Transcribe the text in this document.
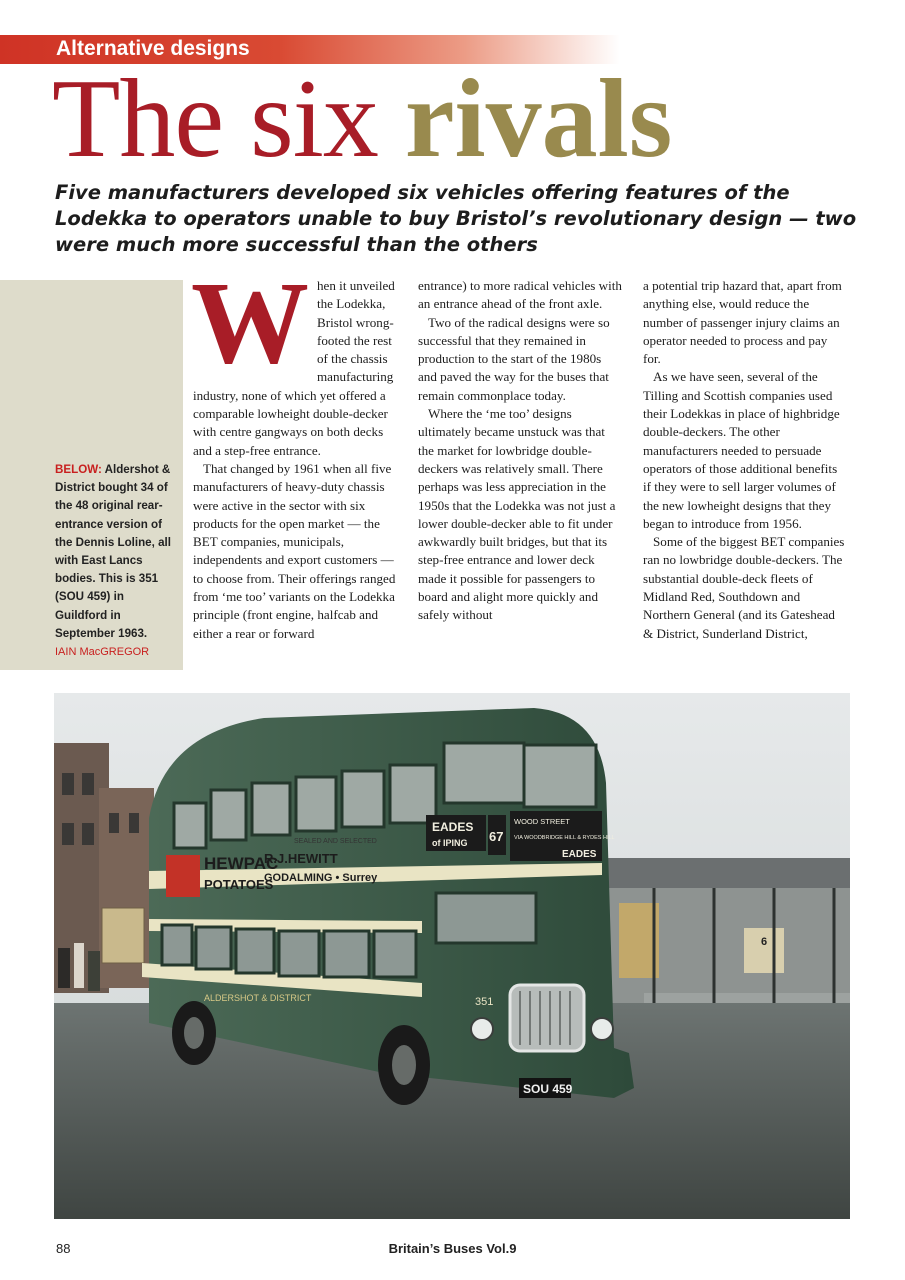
Alternative designs
The six rivals

Five manufacturers developed six vehicles offering features of the Lodekka to operators unable to buy Bristol’s revolutionary design — two were much more successful than the others

BELOW: Aldershot & District bought 34 of the 48 original rear-entrance version of the Dennis Loline, all with East Lancs bodies. This is 351 (SOU 459) in Guildford in September 1963.
IAIN MacGREGOR

When it unveiled the Lodekka, Bristol wrong-footed the rest of the chassis manufacturing industry, none of which yet offered a comparable lowheight double-decker with centre gangways on both decks and a step-free entrance.

That changed by 1961 when all five manufacturers of heavy-duty chassis were active in the sector with six products for the open market — the BET companies, municipals, independents and export customers — to choose from. Their offerings ranged from ‘me too’ variants on the Lodekka principle (front engine, halfcab and either a rear or forward

entrance) to more radical vehicles with an entrance ahead of the front axle.

Two of the radical designs were so successful that they remained in production to the start of the 1980s and paved the way for the buses that remain commonplace today.

Where the ‘me too’ designs ultimately became unstuck was that the market for lowbridge double-deckers was relatively small. There perhaps was less appreciation in the 1950s that the Lodekka was not just a lower double-decker able to fit under awkwardly built bridges, but that its step-free entrance and lower deck made it possible for passengers to board and alight more quickly and safely without

a potential trip hazard that, apart from anything else, would reduce the number of passenger injury claims an operator needed to process and pay for.

As we have seen, several of the Tilling and Scottish companies used their Lodekkas in place of highbridge double-deckers. The other manufacturers needed to persuade operators of those additional benefits if they were to sell larger volumes of the new lowheight designs that they began to introduce from 1956.

Some of the biggest BET companies ran no lowbridge double-deckers. The substantial double-deck fleets of Midland Red, Southdown and Northern General (and its Gateshead & District, Sunderland District,

6
HEWPAC
POTATOES
SEALED AND SELECTED
R.J.HEWITT
GODALMING • Surrey
EADES
of IPING 67
WOOD STREET
VIA WOODBRIDGE HILL & RYDES HILL
EADES
ALDERSHOT & DISTRICT	351
SOU 459
88	Britain’s Buses Vol.9
